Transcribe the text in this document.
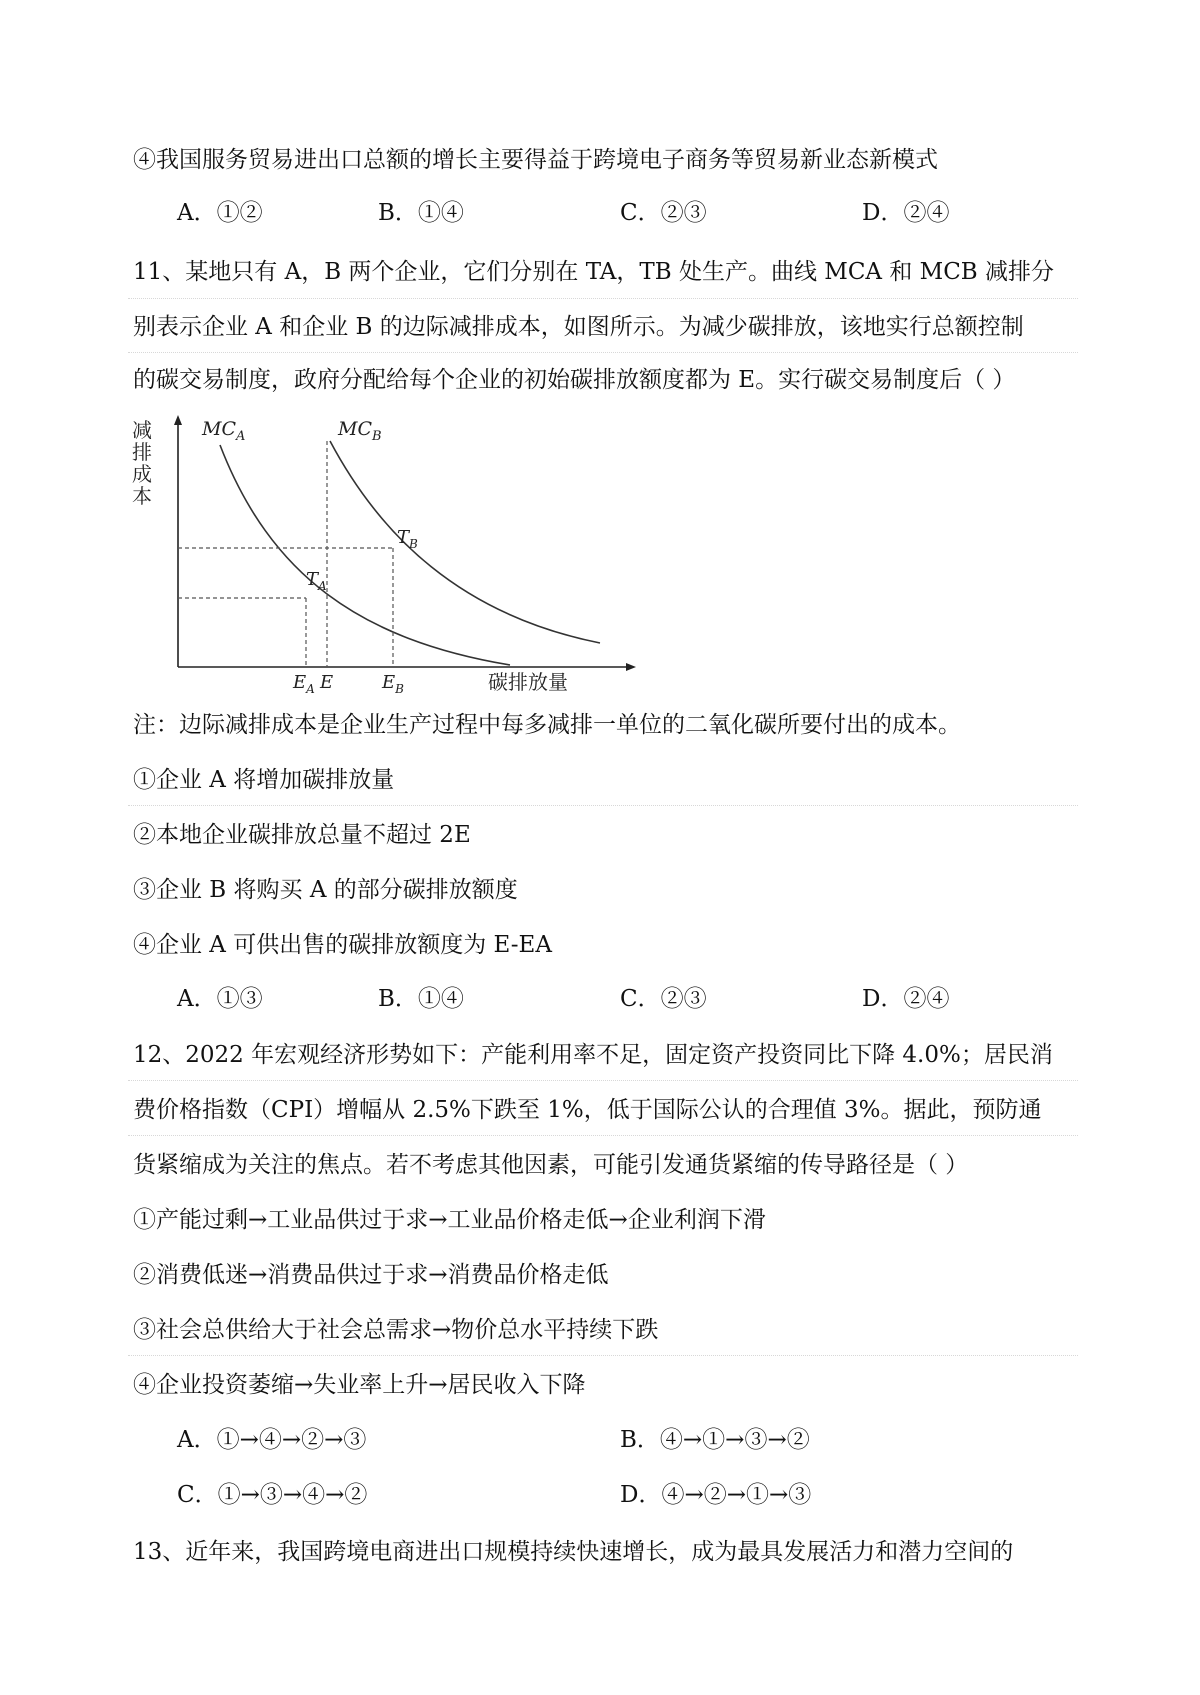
④我国服务贸易进出口总额的增长主要得益于跨境电子商务等贸易新业态新模式
A．①②	B．①④	C．②③	D．②④
11、某地只有 A，B 两个企业，它们分别在 TA，TB 处生产。曲线 MCA 和 MCB 减排分
别表示企业 A 和企业 B 的边际减排成本，如图所示。为减少碳排放，该地实行总额控制
的碳交易制度，政府分配给每个企业的初始碳排放额度都为 E。实行碳交易制度后（ ）
减
排
成
本
$MC_A$	$MC_B$
$T_B$
$T_A$
$E_A$ E	$E_B$	碳排放量
注：边际减排成本是企业生产过程中每多减排一单位的二氧化碳所要付出的成本。
①企业 A 将增加碳排放量
②本地企业碳排放总量不超过 2E
③企业 B 将购买 A 的部分碳排放额度
④企业 A 可供出售的碳排放额度为 E-EA
A．①③	B．①④	C．②③	D．②④
12、2022 年宏观经济形势如下：产能利用率不足，固定资产投资同比下降 4.0%；居民消
费价格指数（CPI）增幅从 2.5%下跌至 1%，低于国际公认的合理值 3%。据此，预防通
货紧缩成为关注的焦点。若不考虑其他因素，可能引发通货紧缩的传导路径是（ ）
①产能过剩→工业品供过于求→工业品价格走低→企业利润下滑
②消费低迷→消费品供过于求→消费品价格走低
③社会总供给大于社会总需求→物价总水平持续下跌
④企业投资萎缩→失业率上升→居民收入下降
A．①→④→②→③	B．④→①→③→②
C．①→③→④→②	D．④→②→①→③
13、近年来，我国跨境电商进出口规模持续快速增长，成为最具发展活力和潜力空间的
